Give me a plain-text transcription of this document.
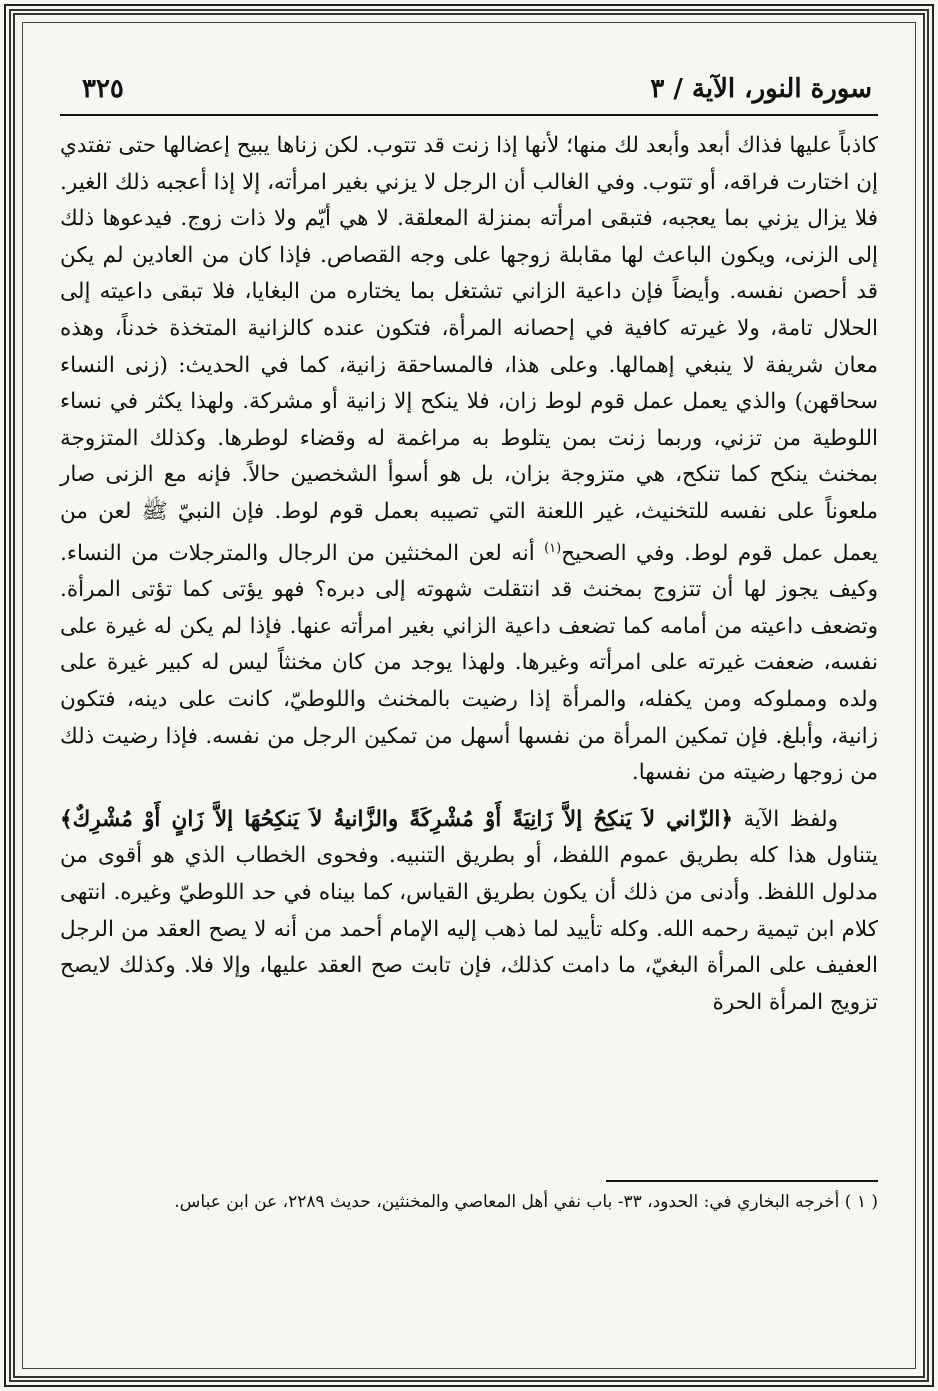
سورة النور، الآية / ٣
٣٢٥

كاذباً عليها فذاك أبعد وأبعد لك منها؛ لأنها إذا زنت قد تتوب. لكن زناها يبيح إعضالها حتى تفتدي إن اختارت فراقه، أو تتوب. وفي الغالب أن الرجل لا يزني بغير امرأته، إلا إذا أعجبه ذلك الغير. فلا يزال يزني بما يعجبه، فتبقى امرأته بمنزلة المعلقة. لا هي أيّم ولا ذات زوج. فيدعوها ذلك إلى الزنى، ويكون الباعث لها مقابلة زوجها على وجه القصاص. فإذا كان من العادين لم يكن قد أحصن نفسه. وأيضاً فإن داعية الزاني تشتغل بما يختاره من البغايا، فلا تبقى داعيته إلى الحلال تامة، ولا غيرته كافية في إحصانه المرأة، فتكون عنده كالزانية المتخذة خدناً، وهذه معان شريفة لا ينبغي إهمالها. وعلى هذا، فالمساحقة زانية، كما في الحديث: (زنى النساء سحاقهن) والذي يعمل عمل قوم لوط زان، فلا ينكح إلا زانية أو مشركة. ولهذا يكثر في نساء اللوطية من تزني، وربما زنت بمن يتلوط به مراغمة له وقضاء لوطرها. وكذلك المتزوجة بمخنث ينكح كما تنكح، هي متزوجة بزان، بل هو أسوأ الشخصين حالاً. فإنه مع الزنى صار ملعوناً على نفسه للتخنيث، غير اللعنة التي تصيبه بعمل قوم لوط. فإن النبيّ ﷺ لعن من يعمل عمل قوم لوط. وفي الصحيح$^{(١)}$ أنه لعن المخنثين من الرجال والمترجلات من النساء. وكيف يجوز لها أن تتزوج بمخنث قد انتقلت شهوته إلى دبره؟ فهو يؤتى كما تؤتى المرأة. وتضعف داعيته من أمامه كما تضعف داعية الزاني بغير امرأته عنها. فإذا لم يكن له غيرة على نفسه، ضعفت غيرته على امرأته وغيرها. ولهذا يوجد من كان مخنثاً ليس له كبير غيرة على ولده ومملوكه ومن يكفله، والمرأة إذا رضيت بالمخنث واللوطيّ، كانت على دينه، فتكون زانية، وأبلغ. فإن تمكين المرأة من نفسها أسهل من تمكين الرجل من نفسه. فإذا رضيت ذلك من زوجها رضيته من نفسها.

ولفظ الآية ﴿الزّاني لاَ يَنكِحُ إلاَّ زَانِيَةً أَوْ مُشْرِكَةً والزَّانيةُ لاَ يَنكِحُهَا إلاَّ زَانٍ أَوْ مُشْرِكٌ﴾ يتناول هذا كله بطريق عموم اللفظ، أو بطريق التنبيه. وفحوى الخطاب الذي هو أقوى من مدلول اللفظ. وأدنى من ذلك أن يكون بطريق القياس، كما بيناه في حد اللوطيّ وغيره. انتهى كلام ابن تيمية رحمه الله. وكله تأييد لما ذهب إليه الإمام أحمد من أنه لا يصح العقد من الرجل العفيف على المرأة البغيّ، ما دامت كذلك، فإن تابت صح العقد عليها، وإلا فلا. وكذلك لايصح تزويج المرأة الحرة

( ١ ) أخرجه البخاري في: الحدود، ٣٣- باب نفي أهل المعاصي والمخنثين، حديث ٢٢٨٩، عن ابن عباس.
